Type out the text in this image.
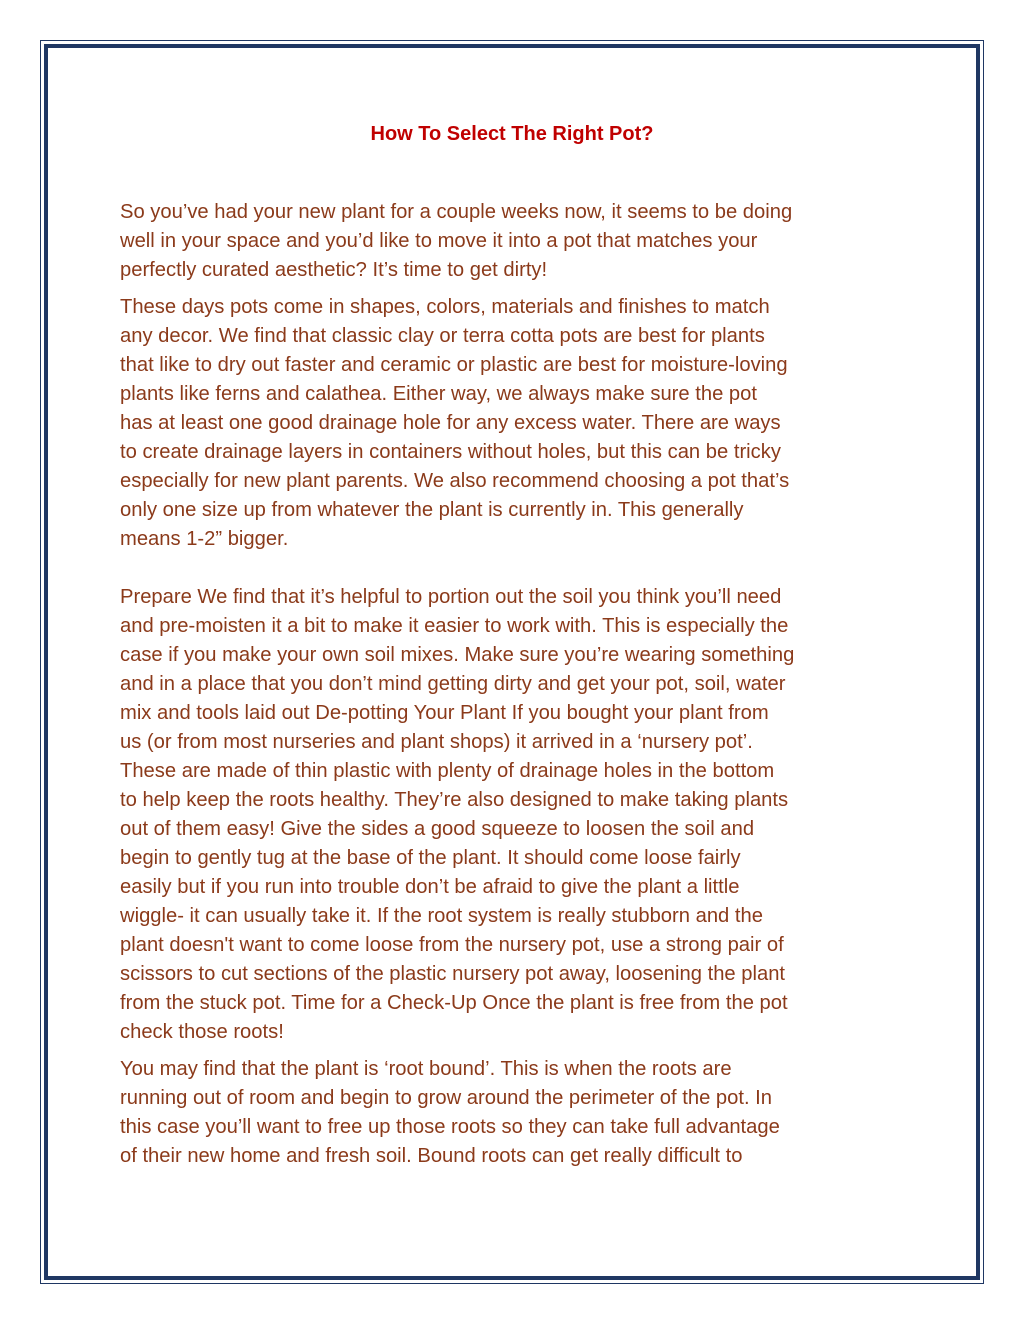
How To Select The Right Pot?

So you’ve had your new plant for a couple weeks now, it seems to be doing
well in your space and you’d like to move it into a pot that matches your
perfectly curated aesthetic? It’s time to get dirty!

These days pots come in shapes, colors, materials and finishes to match
any decor. We find that classic clay or terra cotta pots are best for plants
that like to dry out faster and ceramic or plastic are best for moisture-loving
plants like ferns and calathea. Either way, we always make sure the pot
has at least one good drainage hole for any excess water. There are ways
to create drainage layers in containers without holes, but this can be tricky
especially for new plant parents. We also recommend choosing a pot that’s
only one size up from whatever the plant is currently in. This generally
means 1-2” bigger.

Prepare We find that it’s helpful to portion out the soil you think you’ll need
and pre-moisten it a bit to make it easier to work with. This is especially the
case if you make your own soil mixes. Make sure you’re wearing something
and in a place that you don’t mind getting dirty and get your pot, soil, water
mix and tools laid out De-potting Your Plant If you bought your plant from
us (or from most nurseries and plant shops) it arrived in a ‘nursery pot’.
These are made of thin plastic with plenty of drainage holes in the bottom
to help keep the roots healthy. They’re also designed to make taking plants
out of them easy! Give the sides a good squeeze to loosen the soil and
begin to gently tug at the base of the plant. It should come loose fairly
easily but if you run into trouble don’t be afraid to give the plant a little
wiggle- it can usually take it. If the root system is really stubborn and the
plant doesn't want to come loose from the nursery pot, use a strong pair of
scissors to cut sections of the plastic nursery pot away, loosening the plant
from the stuck pot. Time for a Check-Up Once the plant is free from the pot
check those roots!

You may find that the plant is ‘root bound’. This is when the roots are
running out of room and begin to grow around the perimeter of the pot. In
this case you’ll want to free up those roots so they can take full advantage
of their new home and fresh soil. Bound roots can get really difficult to
